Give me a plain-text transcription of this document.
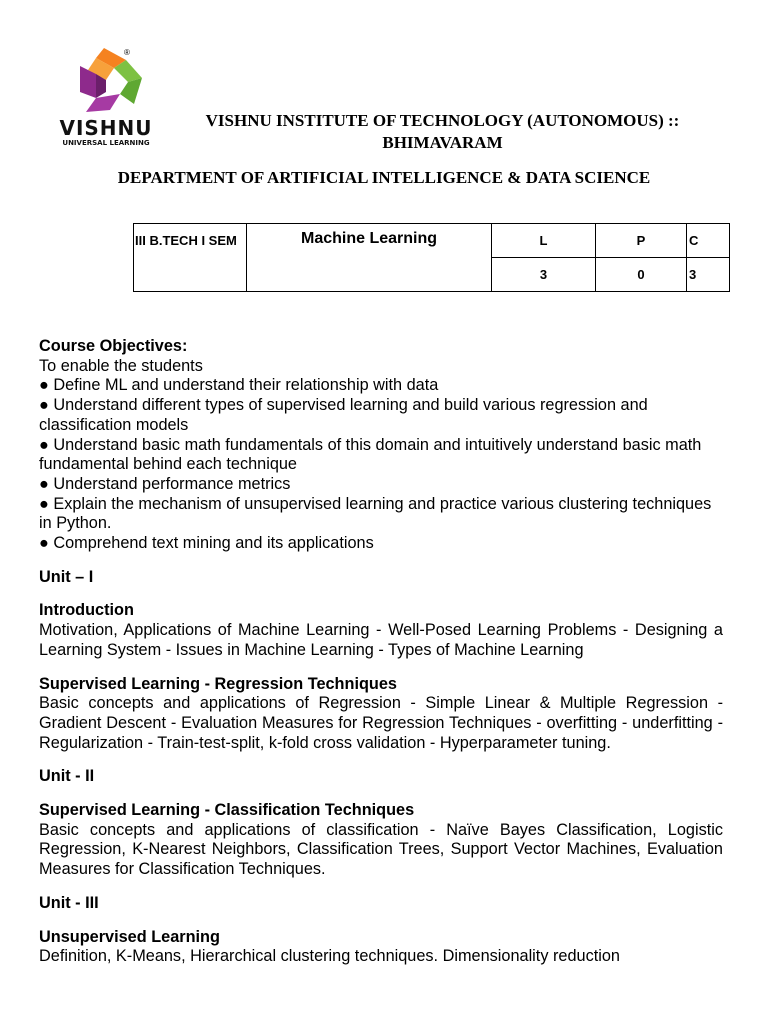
®
VISHNU
UNIVERSAL LEARNING
VISHNU INSTITUTE OF TECHNOLOGY (AUTONOMOUS) ::
BHIMAVARAM
DEPARTMENT OF ARTIFICIAL INTELLIGENCE & DATA SCIENCE
III B.TECH I SEM	Machine Learning	L	P	C
		3	0	3

Course Objectives:

To enable the students

● Define ML and understand their relationship with data

● Understand different types of supervised learning and build various regression and classification models

● Understand basic math fundamentals of this domain and intuitively understand basic math fundamental behind each technique

● Understand performance metrics

● Explain the mechanism of unsupervised learning and practice various clustering techniques in Python.

● Comprehend text mining and its applications

Unit – I

Introduction

Motivation, Applications of Machine Learning - Well-Posed Learning Problems - Designing a Learning System - Issues in Machine Learning - Types of Machine Learning

Supervised Learning - Regression Techniques

Basic concepts and applications of Regression - Simple Linear & Multiple Regression - Gradient Descent - Evaluation Measures for Regression Techniques - overfitting - underfitting - Regularization - Train-test-split, k-fold cross validation - Hyperparameter tuning.

Unit - II

Supervised Learning - Classification Techniques

Basic concepts and applications of classification - Naïve Bayes Classification, Logistic Regression, K-Nearest Neighbors, Classification Trees, Support Vector Machines, Evaluation Measures for Classification Techniques.

Unit - III

Unsupervised Learning

Definition, K-Means, Hierarchical clustering techniques. Dimensionality reduction
